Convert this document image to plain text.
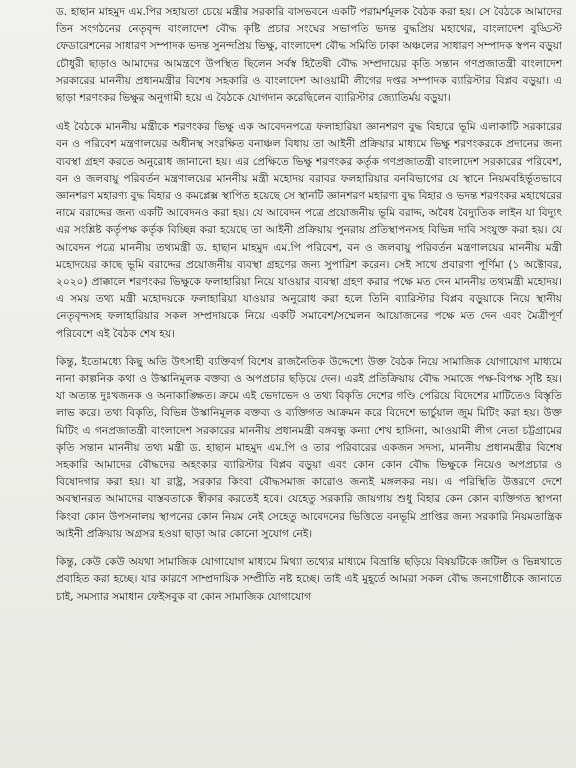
ড. হাছান মাহমুদ এম.পির সহায়তা চেয়ে মন্ত্রীর সরকারি বাসভবনে একটি পরামর্শমূলক বৈঠক করা হয়। সে বৈঠকে আমাদের তিন সংগঠনের নেতৃবৃন্দ বাংলাদেশ বৌদ্ধ কৃষ্টি প্রচার সংঘের সভাপতি ভদন্ত বুদ্ধপ্রিয় মহাথের, বাংলাদেশ বুড্ডিস্ট ফেডারেশনের সাধারণ সম্পাদক ভদন্ত সুনন্দপ্রিয় ভিক্ষু, বাংলাদেশ বৌদ্ধ সমিতি ঢাকা অঞ্চলের সাধারণ সম্পাদক স্বপন বড়ুয়া চৌধুরী ছাড়াও আমাদের আমন্ত্রণে উপস্থিত ছিলেন সর্বস্ব হিতৈষী বৌদ্ধ সম্প্রদায়ের কৃতি সন্তান গণপ্রজাতন্ত্রী বাংলাদেশ সরকারের মাননীয় প্রধানমন্ত্রীর বিশেষ সহকারি ও বাংলাদেশ আওয়ামী লীগের দপ্তর সম্পাদক ব্যারিস্টার বিপ্লব বড়ুয়া। এ ছাড়া শরণংকর ভিক্ষুর অনুগামী হয়ে এ বৈঠকে যোগদান করেছিলেন ব্যারিস্টার জ্যোতির্ময় বড়ুয়া।

এই বৈঠকে মাননীয় মন্ত্রীকে শরণংকর ভিক্ষু এক আবেদনপত্রে ফলাহারিয়া জ্ঞানশরণ বুদ্ধ বিহারে ভূমি এলাকাটি সরকারের বন ও পরিবেশ মন্ত্রণালয়ের অধীনস্থ সংরক্ষিত বনাঞ্চল বিধায় তা আইনী প্রক্রিয়ার মাধ্যমে ভিক্ষু শরণংকরকে প্রদানের জন্য ব্যবস্থা গ্রহণ করতে অনুরোধ জানানো হয়। এর প্রেক্ষিতে ভিক্ষু শরণংকর কর্তৃক গণপ্রজাতন্ত্রী বাংলাদেশ সরকারের পরিবেশ, বন ও জলবায়ু পরিবর্তন মন্ত্রণালয়ের মাননীয় মন্ত্রী মহোদয় বরাবর ফলহারিয়ার বনবিভাগের যে স্থানে নিয়মবহির্ভূতভাবে জ্ঞানশরণ মহারণ্য বুদ্ধ বিহার ও কমপ্লেক্স স্থাপিত হয়েছে সে স্থানটি জ্ঞানশরণ মহারণ্য বুদ্ধ বিহার ও ভদন্ত শরণংকর মহাথেরের নামে বরাদ্দের জন্য একটি আবেদনও করা হয়। যে আবেদন পত্রে প্রয়োজনীয় ভূমি বরাদ্দ, অবৈধ বৈদ্যুতিক লাইন যা বিদ্যুৎ এর সংশ্লিষ্ট কর্তৃপক্ষ কর্তৃক বিচ্ছিন্ন করা হয়েছে তা আইনী প্রক্রিয়ায় পুনরায় প্রতিস্থাপনসহ বিভিন্ন দাবি সংযুক্ত করা হয়। যে আবেদন পত্রে মাননীয় তথ্যমন্ত্রী ড. হাছান মাহমুদ এম.পি পরিবেশ, বন ও জলবায়ু পরিবর্তন মন্ত্রণালয়ের মাননীয় মন্ত্রী মহোদয়ের কাছে ভূমি বরাদ্দের প্রয়োজনীয় ব্যবস্থা গ্রহণের জন্য সুপারিশ করেন। সেই সাথে প্রবারণা পূর্ণিমা (১ অক্টোবর, ২০২০) প্রাক্কালে শরণংকর ভিক্ষুকে ফলাহারিয়া নিয়ে যাওয়ার ব্যবস্থা গ্রহণ করার পক্ষে মত দেন মাননীয় তথ্যমন্ত্রী মহোদয়। এ সময় তথ্য মন্ত্রী মহোদয়কে ফলাহারিয়া যাওয়ার অনুরোধ করা হলে তিনি ব্যারিস্টার বিপ্লব বড়ুয়াকে নিয়ে স্থানীয় নেতৃবৃন্দসহ ফলাহারিয়ার সকল সম্প্রদায়কে নিয়ে একটি সমাবেশ/সম্মেলন আয়োজনের পক্ষে মত দেন এবং মৈত্রীপূর্ণ পরিবেশে এই বৈঠক শেষ হয়।

কিন্তু, ইতোমধ্যে কিছু অতি উৎসাহী ব্যক্তিবর্গ বিশেষ রাজনৈতিক উদ্দেশ্যে উক্ত বৈঠক নিয়ে সামাজিক যোগাযোগ মাধ্যমে নানা কাল্পনিক কথা ও উস্কানিমূলক বক্তব্য ও অপপ্রচার ছড়িয়ে দেন। এরই প্রতিক্রিয়ায় বৌদ্ধ সমাজে পক্ষ-বিপক্ষ সৃষ্টি হয়। যা অত্যন্ত দুঃখজনক ও অনাকাঙ্ক্ষিত। ক্রমে এই ভেদাভেদ ও তথ্য বিকৃতি দেশের গণ্ডি পেরিয়ে বিদেশের মাটিতেও বিস্তৃতি লাভ করে। তথ্য বিকৃতি, বিভিন্ন উস্কানিমূলক বক্তব্য ও ব্যক্তিগত আক্রমন করে বিদেশে ভার্চুয়াল জুম মিটিং করা হয়। উক্ত মিটিং এ গনপ্রজাতন্ত্রী বাংলাদেশ সরকারের মাননীয় প্রধানমন্ত্রী বঙ্গবন্ধু কন্যা শেখ হাসিনা, আওয়ামী লীগ নেতা চট্টগ্রামের কৃতি সন্তান মাননীয় তথ্য মন্ত্রী ড. হাছান মাহমুদ এম.পি ও তার পরিবারের একজন সদস্য, মাননীয় প্রধানমন্ত্রীর বিশেষ সহকারি আমাদের বৌদ্ধদের অহংকার ব্যারিস্টার বিপ্লব বড়ুয়া এবং কোন কোন বৌদ্ধ ভিক্ষুকে নিয়েও অপপ্রচার ও বিষোদগার করা হয়। যা রাষ্ট্র, সরকার কিংবা বৌদ্ধসমাজ কারোও জন্যই মঙ্গলকর নয়। এ পরিস্থিতি উত্তরণে দেশে অবস্থানরত আমাদের বাস্তবতাকে স্বীকার করতেই হবে। যেহেতু সরকারি জায়গায় শুধু বিহার কেন কোন ব্যক্তিগত স্থাপনা কিংবা কোন উপসনালয় স্থাপনের কোন নিয়ম নেই সেহেতু আবেদনের ভিত্তিতে বনভূমি প্রাপ্তির জন্য সরকারি নিয়মতান্ত্রিক আইনী প্রক্রিয়ায় অগ্রসর হওয়া ছাড়া আর কোনো সুযোগ নেই।

কিন্তু, কেউ কেউ অযথা সামাজিক যোগাযোগ মাধ্যমে মিথ্যা তথ্যের মাধ্যমে বিভ্রান্তি ছড়িয়ে বিষয়টিকে জটিল ও ভিন্নখাতে প্রবাহিত করা হচ্ছে। যার কারণে সাম্প্রদায়িক সম্প্রীতি নষ্ট হচ্ছে। তাই এই মুহূর্তে আমরা সকল বৌদ্ধ জনগোষ্ঠীকে জানাতে চাই, সমস্যার সমাধান ফেইসবুক বা কোন সামাজিক যোগাযোগ
